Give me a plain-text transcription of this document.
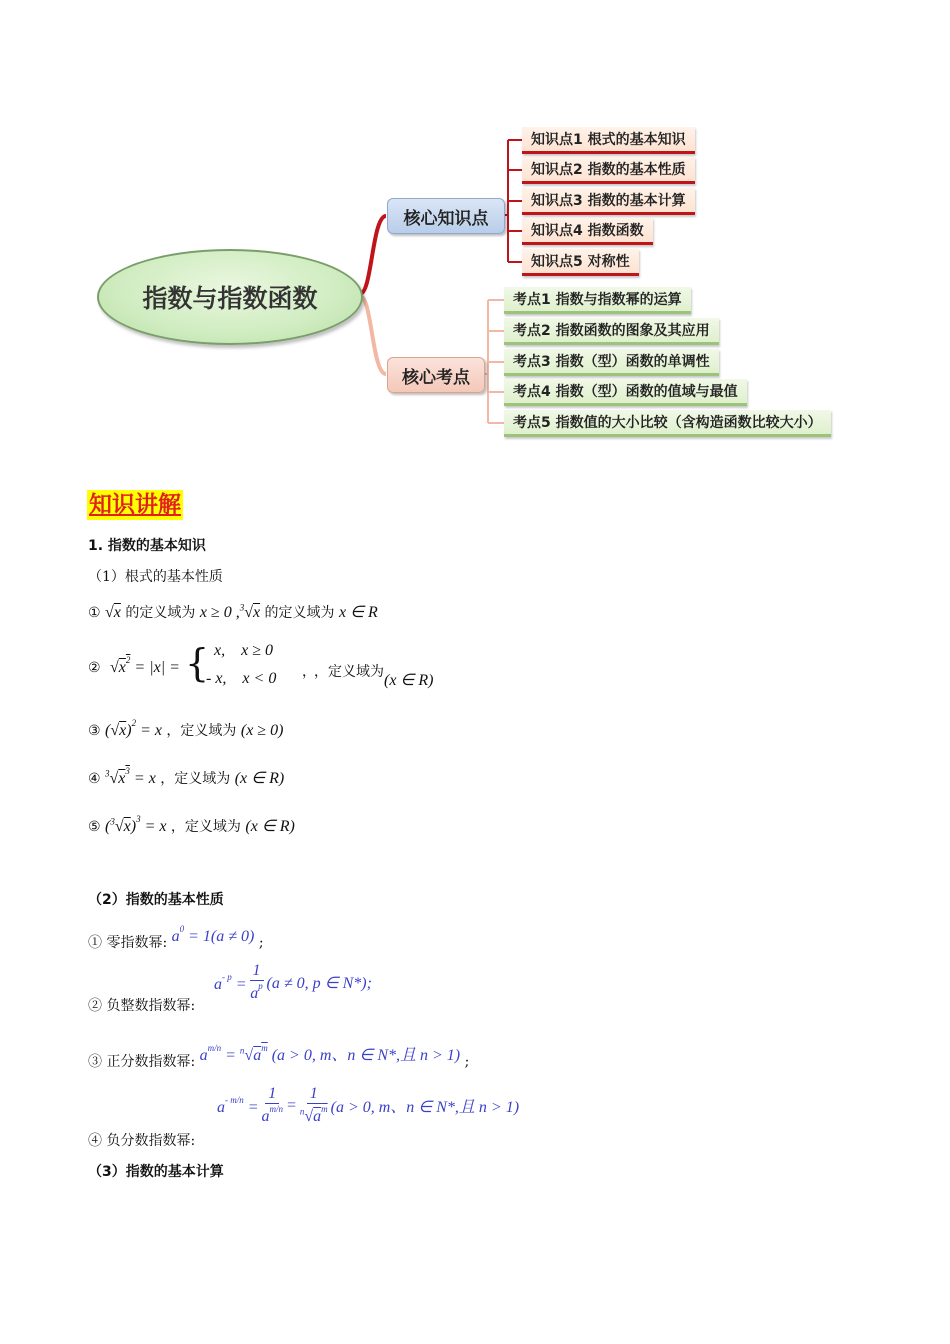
指数与指数函数
核心知识点
核心考点
知识点1 根式的基本知识
知识点2 指数的基本性质
知识点3 指数的基本计算
知识点4 指数函数
知识点5 对称性
考点1 指数与指数幂的运算
考点2 指数函数的图象及其应用
考点3 指数（型）函数的单调性
考点4 指数（型）函数的值域与最值
考点5 指数值的大小比较（含构造函数比较大小）
知识讲解
1. 指数的基本知识
（1）根式的基本性质
① √x 的定义域为 x ≥ 0 ,$^3$√x 的定义域为 x ∈ R
② $√x^2 = |x|$ = { x,    x ≥ 0
- x,    x < 0 ，
，定义域为 (x ∈ R)
③ $(√x)^2 = x$ ，定义域为 (x ≥ 0)
④ $^3√x^3 = x$ ，定义域为 (x ∈ R)
⑤ $(^3√x)^3 = x$ ，定义域为 (x ∈ R)
（2）指数的基本性质
① 零指数幂: $a^0 = 1(a \ne 0)$ ;
$a^{- p} = \frac{1}{a^p} (a \ne 0$, p ∈ N*);
② 负整数指数幂:
③ 正分数指数幂: $a^{m/n} = ^n√a^m$ (a > 0, m、n ∈ N*,且 n > 1) ;
$a^{- m/n} = \frac{1}{a^{m/n}} = \frac{1}{^n√a^m} (a > 0$, m、n ∈ N*,且 n > 1)
④ 负分数指数幂:
（3）指数的基本计算
